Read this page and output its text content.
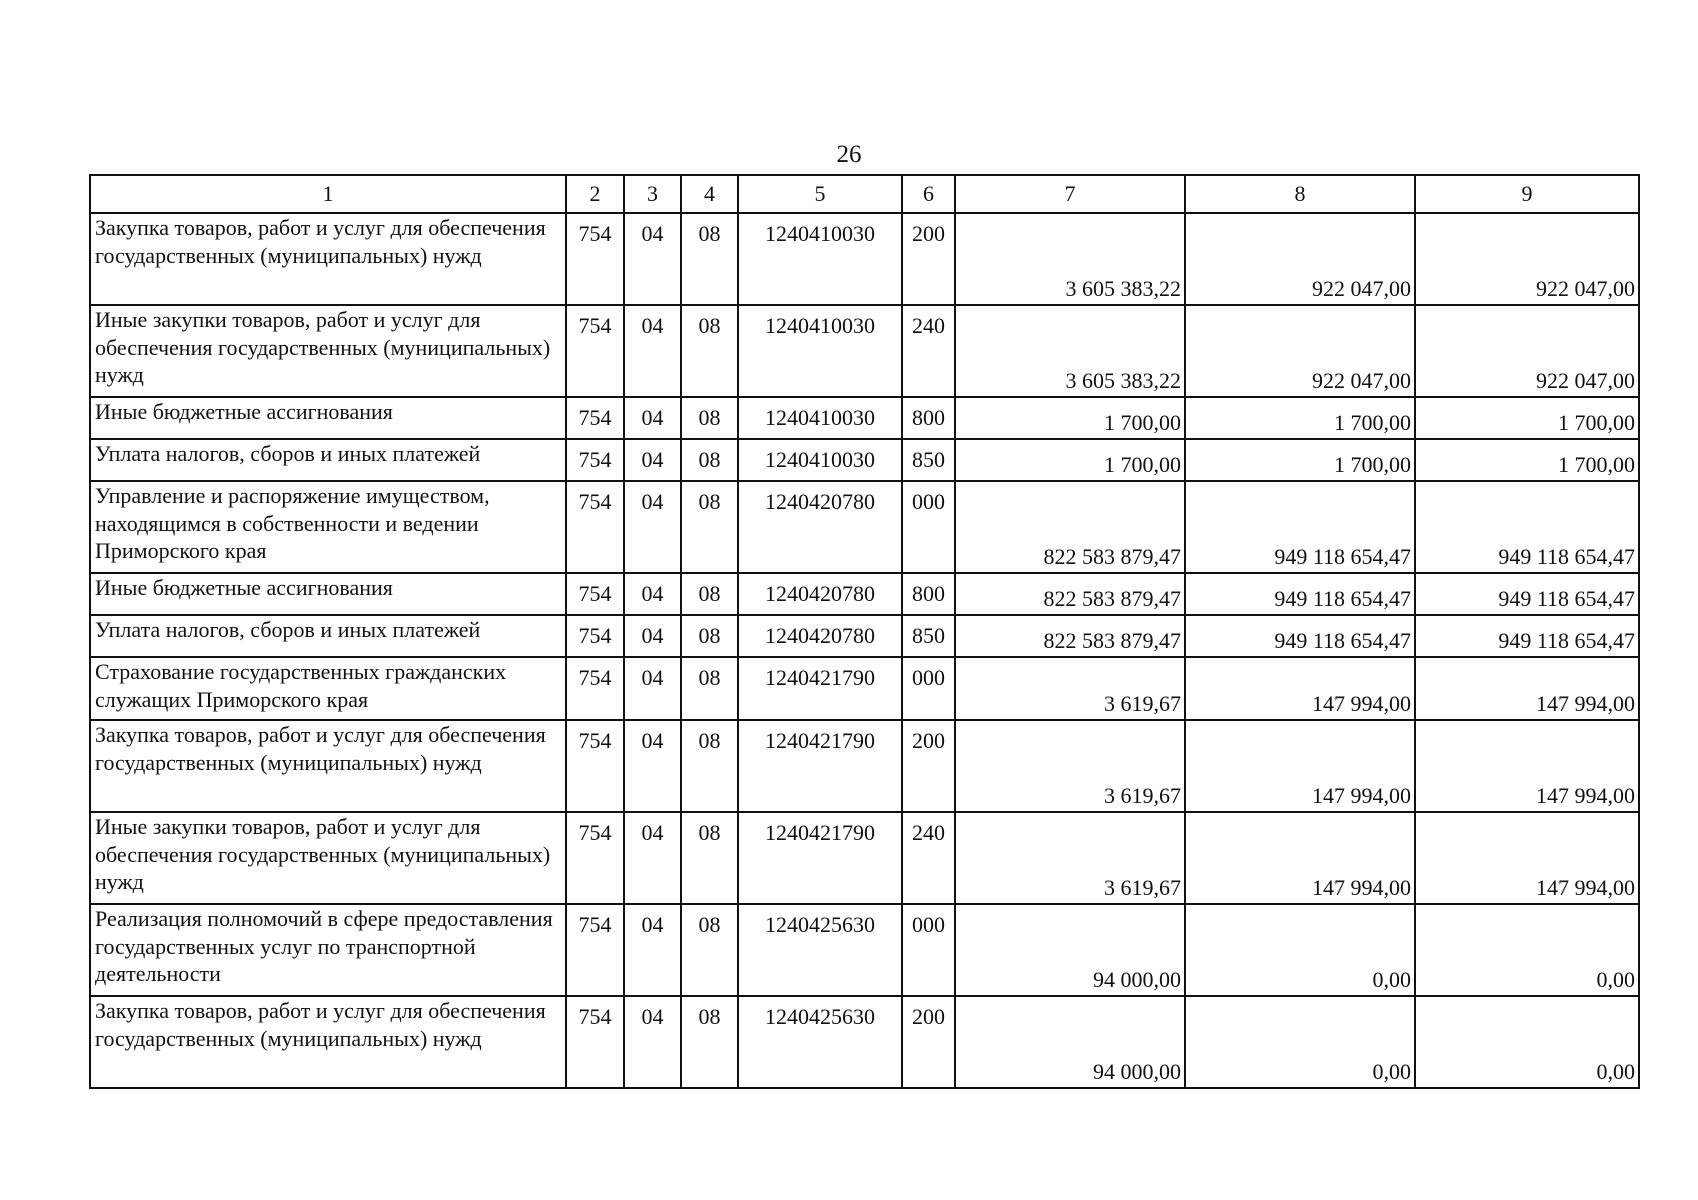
26
1	2	3	4	5	6	7	8	9
Закупка товаров, работ и услуг для обеспечения государственных (муниципальных) нужд	754	04	08	1240410030	200	3 605 383,22	922 047,00	922 047,00
Иные закупки товаров, работ и услуг для обеспечения государственных (муниципальных) нужд	754	04	08	1240410030	240	3 605 383,22	922 047,00	922 047,00
Иные бюджетные ассигнования	754	04	08	1240410030	800	1 700,00	1 700,00	1 700,00
Уплата налогов, сборов и иных платежей	754	04	08	1240410030	850	1 700,00	1 700,00	1 700,00
Управление и распоряжение имуществом, находящимся в собственности и ведении Приморского края	754	04	08	1240420780	000	822 583 879,47	949 118 654,47	949 118 654,47
Иные бюджетные ассигнования	754	04	08	1240420780	800	822 583 879,47	949 118 654,47	949 118 654,47
Уплата налогов, сборов и иных платежей	754	04	08	1240420780	850	822 583 879,47	949 118 654,47	949 118 654,47
Страхование государственных гражданских служащих Приморского края	754	04	08	1240421790	000	3 619,67	147 994,00	147 994,00
Закупка товаров, работ и услуг для обеспечения государственных (муниципальных) нужд	754	04	08	1240421790	200	3 619,67	147 994,00	147 994,00
Иные закупки товаров, работ и услуг для обеспечения государственных (муниципальных) нужд	754	04	08	1240421790	240	3 619,67	147 994,00	147 994,00
Реализация полномочий в сфере предоставления государственных услуг по транспортной деятельности	754	04	08	1240425630	000	94 000,00	0,00	0,00
Закупка товаров, работ и услуг для обеспечения государственных (муниципальных) нужд	754	04	08	1240425630	200	94 000,00	0,00	0,00
